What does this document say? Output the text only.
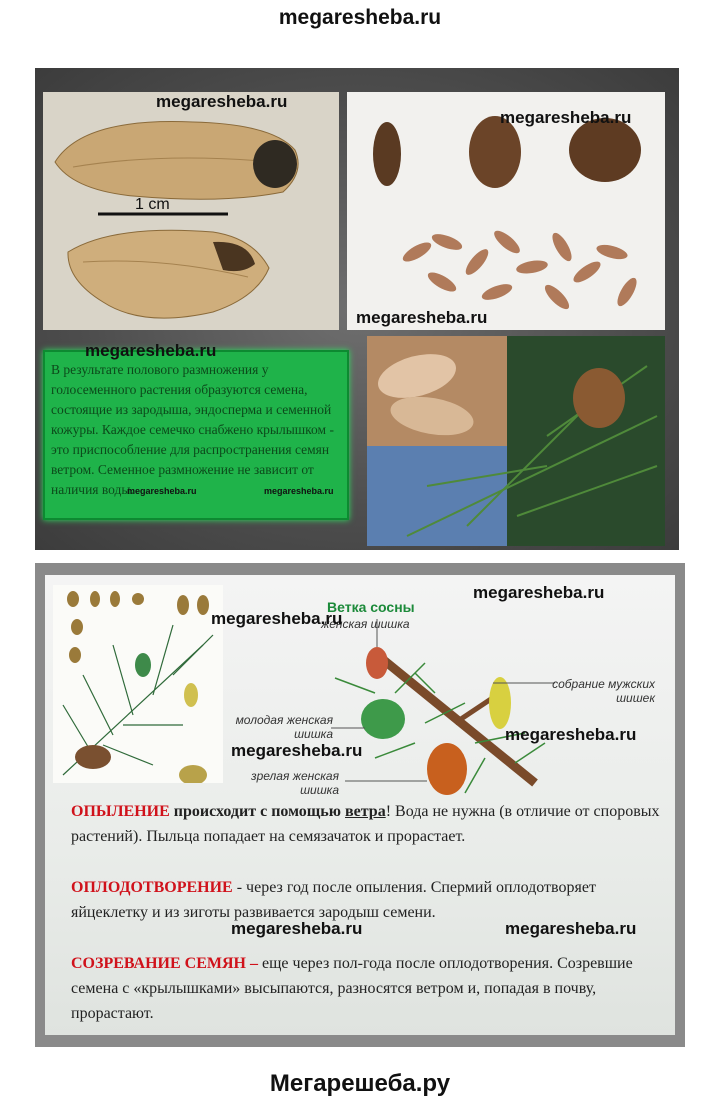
megaresheba.ru
1 cm
В результате полового размножения у голосеменного растения образуются семена, состоящие из зародыша, эндосперма и семенной кожуры. Каждое семечко снабжено крылышком - это приспособление для распространения семян ветром. Семенное размножение не зависит от наличия воды.
megaresheba.ru
megaresheba.ru
megaresheba.ru
megaresheba.ru
megaresheba.ru	megaresheba.ru
Ветка сосны
женская шишка
собрание мужских шишек
молодая женская шишка
зрелая женская шишка
ОПЫЛЕНИЕ происходит с помощью ветра! Вода не нужна (в отличие от споровых растений). Пыльца попадает на семязачаток и прорастает.
ОПЛОДОТВОРЕНИЕ - через год после опыления. Спермий оплодотворяет яйцеклетку и из зиготы развивается зародыш семени.
СОЗРЕВАНИЕ СЕМЯН – еще через пол-года после оплодотворения. Созревшие семена с «крылышками» высыпаются, разносятся ветром и, попадая в почву, прорастают.
megaresheba.ru
megaresheba.ru
megaresheba.ru
megaresheba.ru
megaresheba.ru	megaresheba.ru
Мегарешеба.ру
